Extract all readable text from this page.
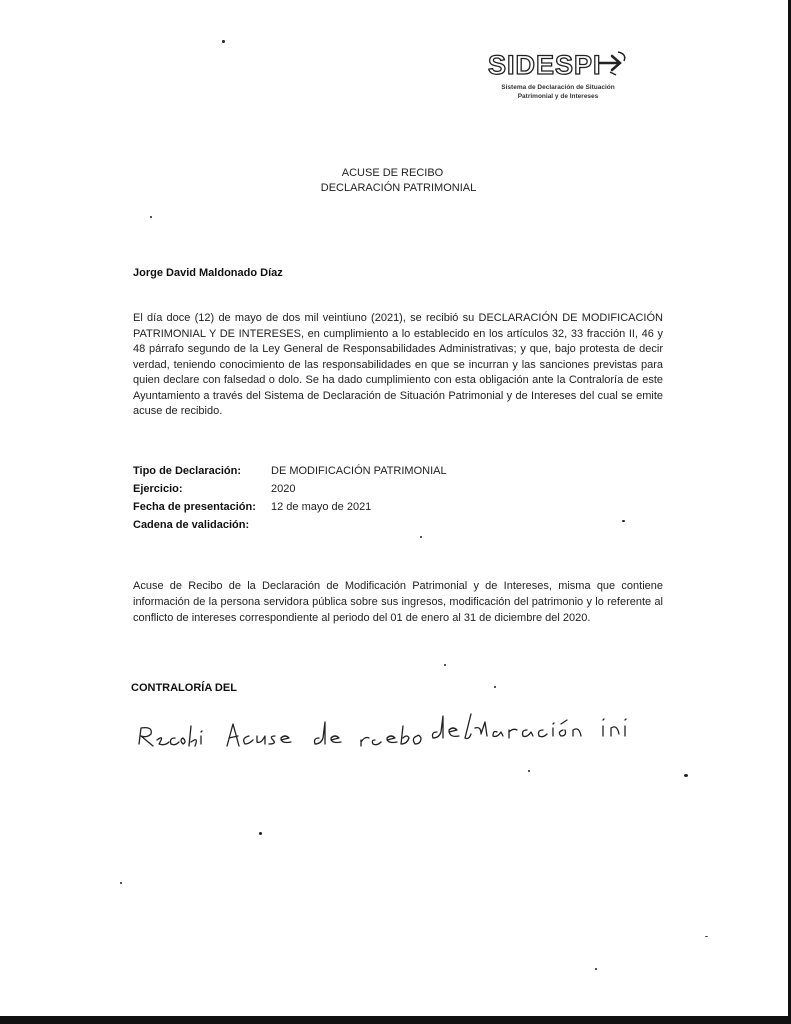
SIDESPI
Sistema de Declaración de Situación
Patrimonial y de Intereses
ACUSE DE RECIBO
DECLARACIÓN PATRIMONIAL
Jorge David Maldonado Díaz
El día doce (12) de mayo de dos mil veintiuno (2021), se recibió su DECLARACIÓN DE MODIFICACIÓN PATRIMONIAL Y DE INTERESES, en cumplimiento a lo establecido en los artículos 32, 33 fracción II, 46 y 48 párrafo segundo de la Ley General de Responsabilidades Administrativas; y que, bajo protesta de decir verdad, teniendo conocimiento de las responsabilidades en que se incurran y las sanciones previstas para quien declare con falsedad o dolo. Se ha dado cumplimiento con esta obligación ante la Contraloría de este Ayuntamiento a través del Sistema de Declaración de Situación Patrimonial y de Intereses del cual se emite acuse de recibido.
Tipo de Declaración:	DE MODIFICACIÓN PATRIMONIAL
Ejercicio:	2020
Fecha de presentación:	12 de mayo de 2021
Cadena de validación:
Acuse de Recibo de la Declaración de Modificación Patrimonial y de Intereses, misma que contiene información de la persona servidora pública sobre sus ingresos, modificación del patrimonio y lo referente al conflicto de intereses correspondiente al periodo del 01 de enero al 31 de diciembre del 2020.
CONTRALORÍA DEL
